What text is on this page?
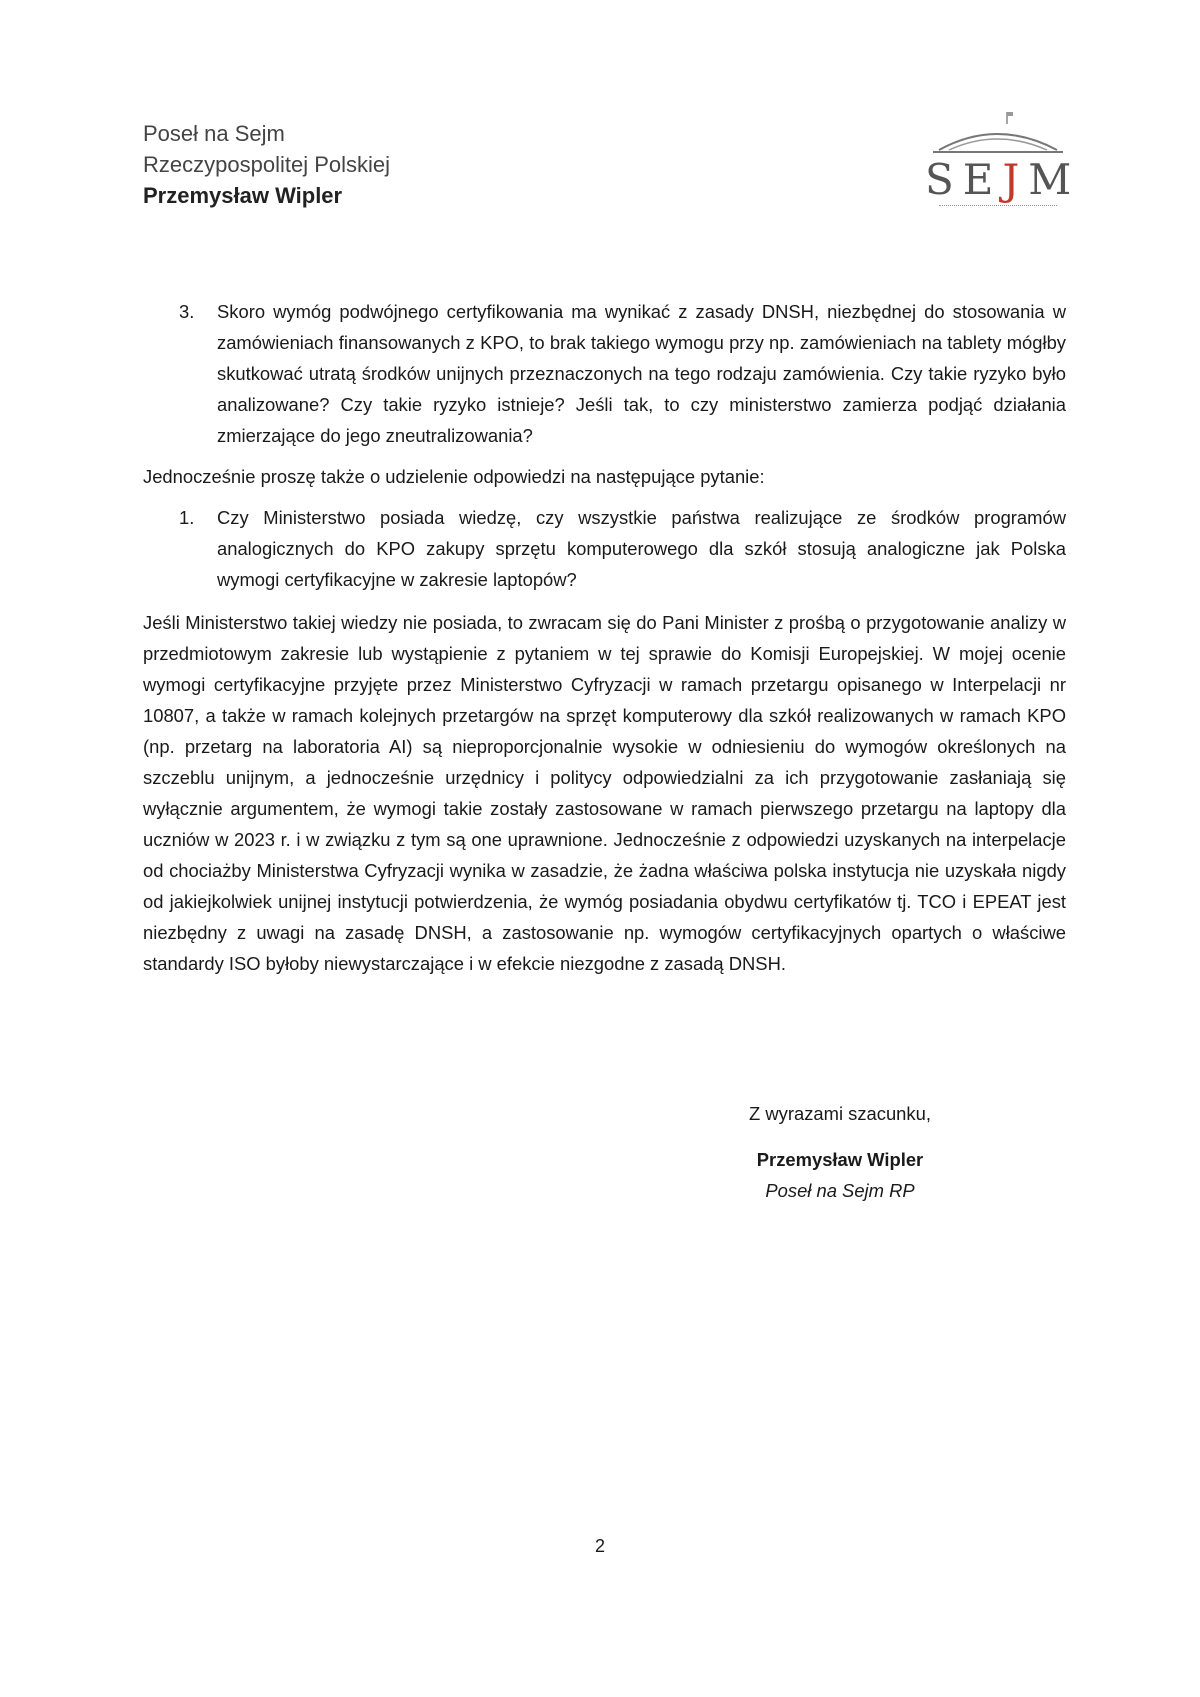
Poseł na Sejm
Rzeczypospolitej Polskiej
Przemysław Wipler	SEJM
3. Skoro wymóg podwójnego certyfikowania ma wynikać z zasady DNSH, niezbędnej do stosowania w zamówieniach finansowanych z KPO, to brak takiego wymogu przy np. zamówieniach na tablety mógłby skutkować utratą środków unijnych przeznaczonych na tego rodzaju zamówienia. Czy takie ryzyko było analizowane? Czy takie ryzyko istnieje? Jeśli tak, to czy ministerstwo zamierza podjąć działania zmierzające do jego zneutralizowania?
Jednocześnie proszę także o udzielenie odpowiedzi na następujące pytanie:
1. Czy Ministerstwo posiada wiedzę, czy wszystkie państwa realizujące ze środków programów analogicznych do KPO zakupy sprzętu komputerowego dla szkół stosują analogiczne jak Polska wymogi certyfikacyjne w zakresie laptopów?
Jeśli Ministerstwo takiej wiedzy nie posiada, to zwracam się do Pani Minister z prośbą o przygotowanie analizy w przedmiotowym zakresie lub wystąpienie z pytaniem w tej sprawie do Komisji Europejskiej. W mojej ocenie wymogi certyfikacyjne przyjęte przez Ministerstwo Cyfryzacji w ramach przetargu opisanego w Interpelacji nr 10807, a także w ramach kolejnych przetargów na sprzęt komputerowy dla szkół realizowanych w ramach KPO (np. przetarg na laboratoria AI) są nieproporcjonalnie wysokie w odniesieniu do wymogów określonych na szczeblu unijnym, a jednocześnie urzędnicy i politycy odpowiedzialni za ich przygotowanie zasłaniają się wyłącznie argumentem, że wymogi takie zostały zastosowane w ramach pierwszego przetargu na laptopy dla uczniów w 2023 r. i w związku z tym są one uprawnione. Jednocześnie z odpowiedzi uzyskanych na interpelacje od chociażby Ministerstwa Cyfryzacji wynika w zasadzie, że żadna właściwa polska instytucja nie uzyskała nigdy od jakiejkolwiek unijnej instytucji potwierdzenia, że wymóg posiadania obydwu certyfikatów tj. TCO i EPEAT jest niezbędny z uwagi na zasadę DNSH, a zastosowanie np. wymogów certyfikacyjnych opartych o właściwe standardy ISO byłoby niewystarczające i w efekcie niezgodne z zasadą DNSH.
Z wyrazami szacunku,
Przemysław Wipler
Poseł na Sejm RP
2
